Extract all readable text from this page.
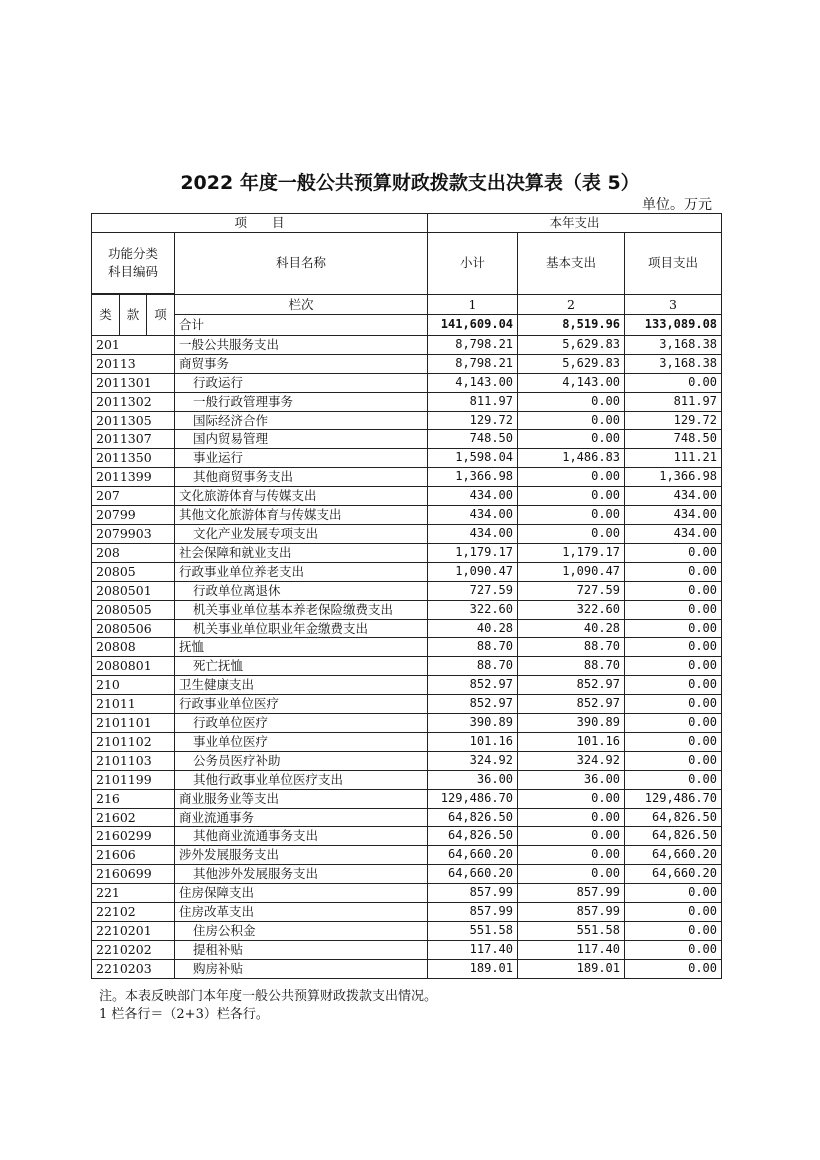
2022 年度一般公共预算财政拨款支出决算表（表 5）
单位。万元
项　　目				本年支出		
功能分类
科目编码			科目名称	小计	基本支出	项目支出

类	款	项	栏次	1	2	3
			合计	141,609.04	8,519.96	133,089.08
201			一般公共服务支出	8,798.21	5,629.83	3,168.38
20113			商贸事务	8,798.21	5,629.83	3,168.38
2011301			行政运行	4,143.00	4,143.00	0.00
2011302			一般行政管理事务	811.97	0.00	811.97
2011305			国际经济合作	129.72	0.00	129.72
2011307			国内贸易管理	748.50	0.00	748.50
2011350			事业运行	1,598.04	1,486.83	111.21
2011399			其他商贸事务支出	1,366.98	0.00	1,366.98
207			文化旅游体育与传媒支出	434.00	0.00	434.00
20799			其他文化旅游体育与传媒支出	434.00	0.00	434.00
2079903			文化产业发展专项支出	434.00	0.00	434.00
208			社会保障和就业支出	1,179.17	1,179.17	0.00
20805			行政事业单位养老支出	1,090.47	1,090.47	0.00
2080501			行政单位离退休	727.59	727.59	0.00
2080505			机关事业单位基本养老保险缴费支出	322.60	322.60	0.00
2080506			机关事业单位职业年金缴费支出	40.28	40.28	0.00
20808			抚恤	88.70	88.70	0.00
2080801			死亡抚恤	88.70	88.70	0.00
210			卫生健康支出	852.97	852.97	0.00
21011			行政事业单位医疗	852.97	852.97	0.00
2101101			行政单位医疗	390.89	390.89	0.00
2101102			事业单位医疗	101.16	101.16	0.00
2101103			公务员医疗补助	324.92	324.92	0.00
2101199			其他行政事业单位医疗支出	36.00	36.00	0.00
216			商业服务业等支出	129,486.70	0.00	129,486.70
21602			商业流通事务	64,826.50	0.00	64,826.50
2160299			其他商业流通事务支出	64,826.50	0.00	64,826.50
21606			涉外发展服务支出	64,660.20	0.00	64,660.20
2160699			其他涉外发展服务支出	64,660.20	0.00	64,660.20
221			住房保障支出	857.99	857.99	0.00
22102			住房改革支出	857.99	857.99	0.00
2210201			住房公积金	551.58	551.58	0.00
2210202			提租补贴	117.40	117.40	0.00
2210203			购房补贴	189.01	189.01	0.00
注。本表反映部门本年度一般公共预算财政拨款支出情况。
1 栏各行＝（2+3）栏各行。
